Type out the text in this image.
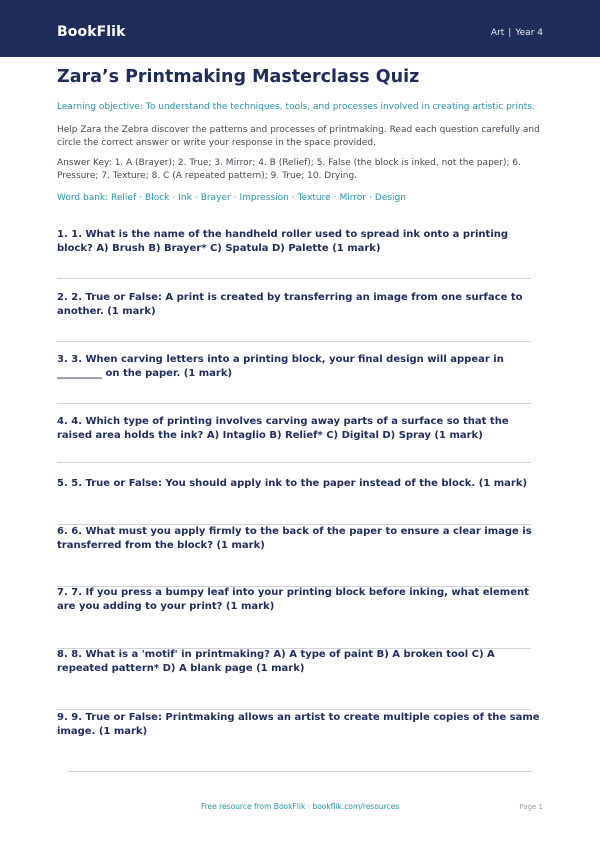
BookFlik	Art | Year 4
Zara’s Printmaking Masterclass Quiz
Learning objective: To understand the techniques, tools, and processes involved in creating artistic prints.
Help Zara the Zebra discover the patterns and processes of printmaking. Read each question carefully and circle the correct answer or write your response in the space provided.
Answer Key: 1. A (Brayer); 2. True; 3. Mirror; 4. B (Relief); 5. False (the block is inked, not the paper); 6. Pressure; 7. Texture; 8. C (A repeated pattern); 9. True; 10. Drying.
Word bank: Relief · Block · Ink · Brayer · Impression · Texture · Mirror · Design
1. 1. What is the name of the handheld roller used to spread ink onto a printing block? A) Brush B) Brayer* C) Spatula D) Palette (1 mark)
2. 2. True or False: A print is created by transferring an image from one surface to another. (1 mark)
3. 3. When carving letters into a printing block, your final design will appear in _________ on the paper. (1 mark)
4. 4. Which type of printing involves carving away parts of a surface so that the raised area holds the ink? A) Intaglio B) Relief* C) Digital D) Spray (1 mark)
5. 5. True or False: You should apply ink to the paper instead of the block. (1 mark)
6. 6. What must you apply firmly to the back of the paper to ensure a clear image is transferred from the block? (1 mark)
7. 7. If you press a bumpy leaf into your printing block before inking, what element are you adding to your print? (1 mark)
8. 8. What is a 'motif' in printmaking? A) A type of paint B) A broken tool C) A repeated pattern* D) A blank page (1 mark)
9. 9. True or False: Printmaking allows an artist to create multiple copies of the same image. (1 mark)
Free resource from BookFlik · bookflik.com/resources	Page 1
